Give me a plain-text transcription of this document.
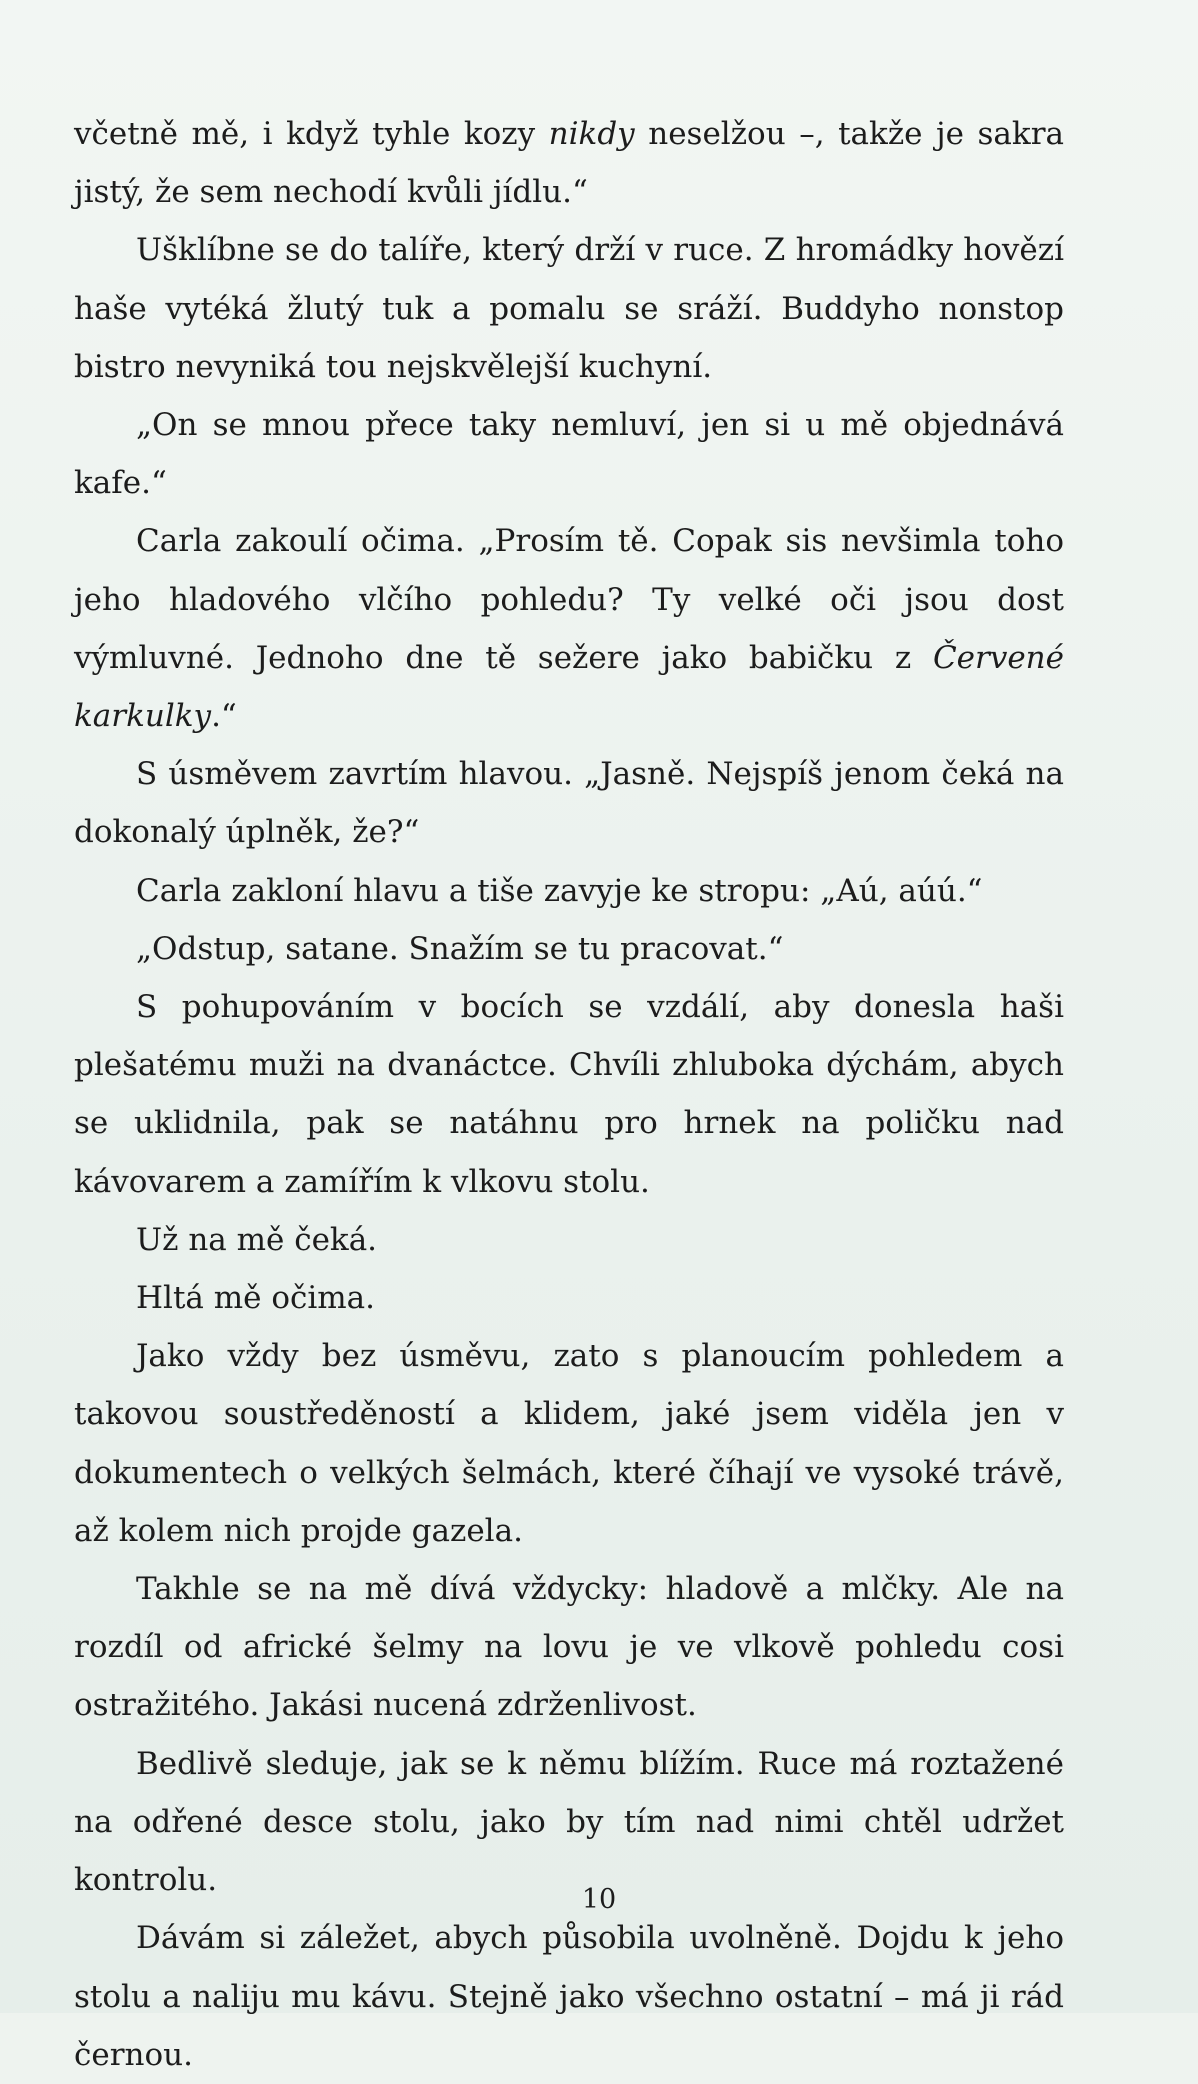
včetně mě, i když tyhle kozy nikdy neselžou –, takže je sakra jistý, že sem nechodí kvůli jídlu.“

Ušklíbne se do talíře, který drží v ruce. Z hromádky hovězí haše vytéká žlutý tuk a pomalu se sráží. Buddyho nonstop bistro nevyniká tou nejskvělejší kuchyní.

„On se mnou přece taky nemluví, jen si u mě objednává kafe.“

Carla zakoulí očima. „Prosím tě. Copak sis nevšimla toho jeho hladového vlčího pohledu? Ty velké oči jsou dost výmluvné. Jednoho dne tě sežere jako babičku z Červené karkulky.“

S úsměvem zavrtím hlavou. „Jasně. Nejspíš jenom čeká na dokonalý úplněk, že?“

Carla zakloní hlavu a tiše zavyje ke stropu: „Aú, aúú.“

„Odstup, satane. Snažím se tu pracovat.“

S pohupováním v bocích se vzdálí, aby donesla haši plešatému muži na dvanáctce. Chvíli zhluboka dýchám, abych se uklidnila, pak se natáhnu pro hrnek na poličku nad kávovarem a zamířím k vlkovu stolu.

Už na mě čeká.

Hltá mě očima.

Jako vždy bez úsměvu, zato s planoucím pohledem a takovou soustředěností a klidem, jaké jsem viděla jen v dokumentech o velkých šelmách, které číhají ve vysoké trávě, až kolem nich projde gazela.

Takhle se na mě dívá vždycky: hladově a mlčky. Ale na rozdíl od africké šelmy na lovu je ve vlkově pohledu cosi ostražitého. Jakási nucená zdrženlivost.

Bedlivě sleduje, jak se k němu blížím. Ruce má roztažené na odřené desce stolu, jako by tím nad nimi chtěl udržet kontrolu.

Dávám si záležet, abych působila uvolněně. Dojdu k jeho stolu a naliju mu kávu. Stejně jako všechno ostatní – má ji rád černou.

10
